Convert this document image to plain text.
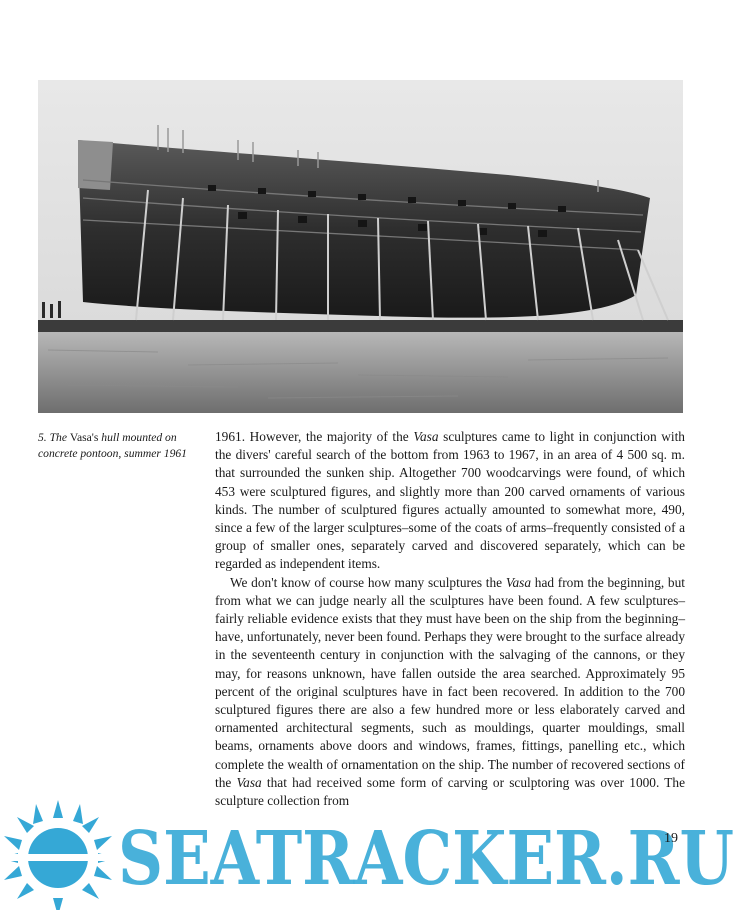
5. The Vasa's hull mounted on concrete pontoon, summer 1961

1961. However, the majority of the Vasa sculptures came to light in conjunction with the divers' careful search of the bottom from 1963 to 1967, in an area of 4 500 sq. m. that surrounded the sunken ship. Altogether 700 woodcarvings were found, of which 453 were sculptured figures, and slightly more than 200 carved ornaments of various kinds. The number of sculptured figures actually amounted to somewhat more, 490, since a few of the larger sculptures–some of the coats of arms–frequently consisted of a group of smaller ones, separately carved and discovered separately, which can be regarded as independent items.

We don't know of course how many sculptures the Vasa had from the beginning, but from what we can judge nearly all the sculptures have been found. A few sculptures–fairly reliable evidence exists that they must have been on the ship from the beginning–have, unfortunately, never been found. Perhaps they were brought to the surface already in the seventeenth century in conjunction with the salvaging of the cannons, or they may, for reasons unknown, have fallen outside the area searched. Approximately 95 percent of the original sculptures have in fact been recovered. In addition to the 700 sculptured figures there are also a few hundred more or less elaborately carved and ornamented architectural segments, such as mouldings, quarter mouldings, small beams, ornaments above doors and windows, frames, fittings, panelling etc., which complete the wealth of ornamentation on the ship. The number of recovered sections of the Vasa that had received some form of carving or sculptoring was over 1000. The sculpture collection from

19

SEATRACKER.RU
